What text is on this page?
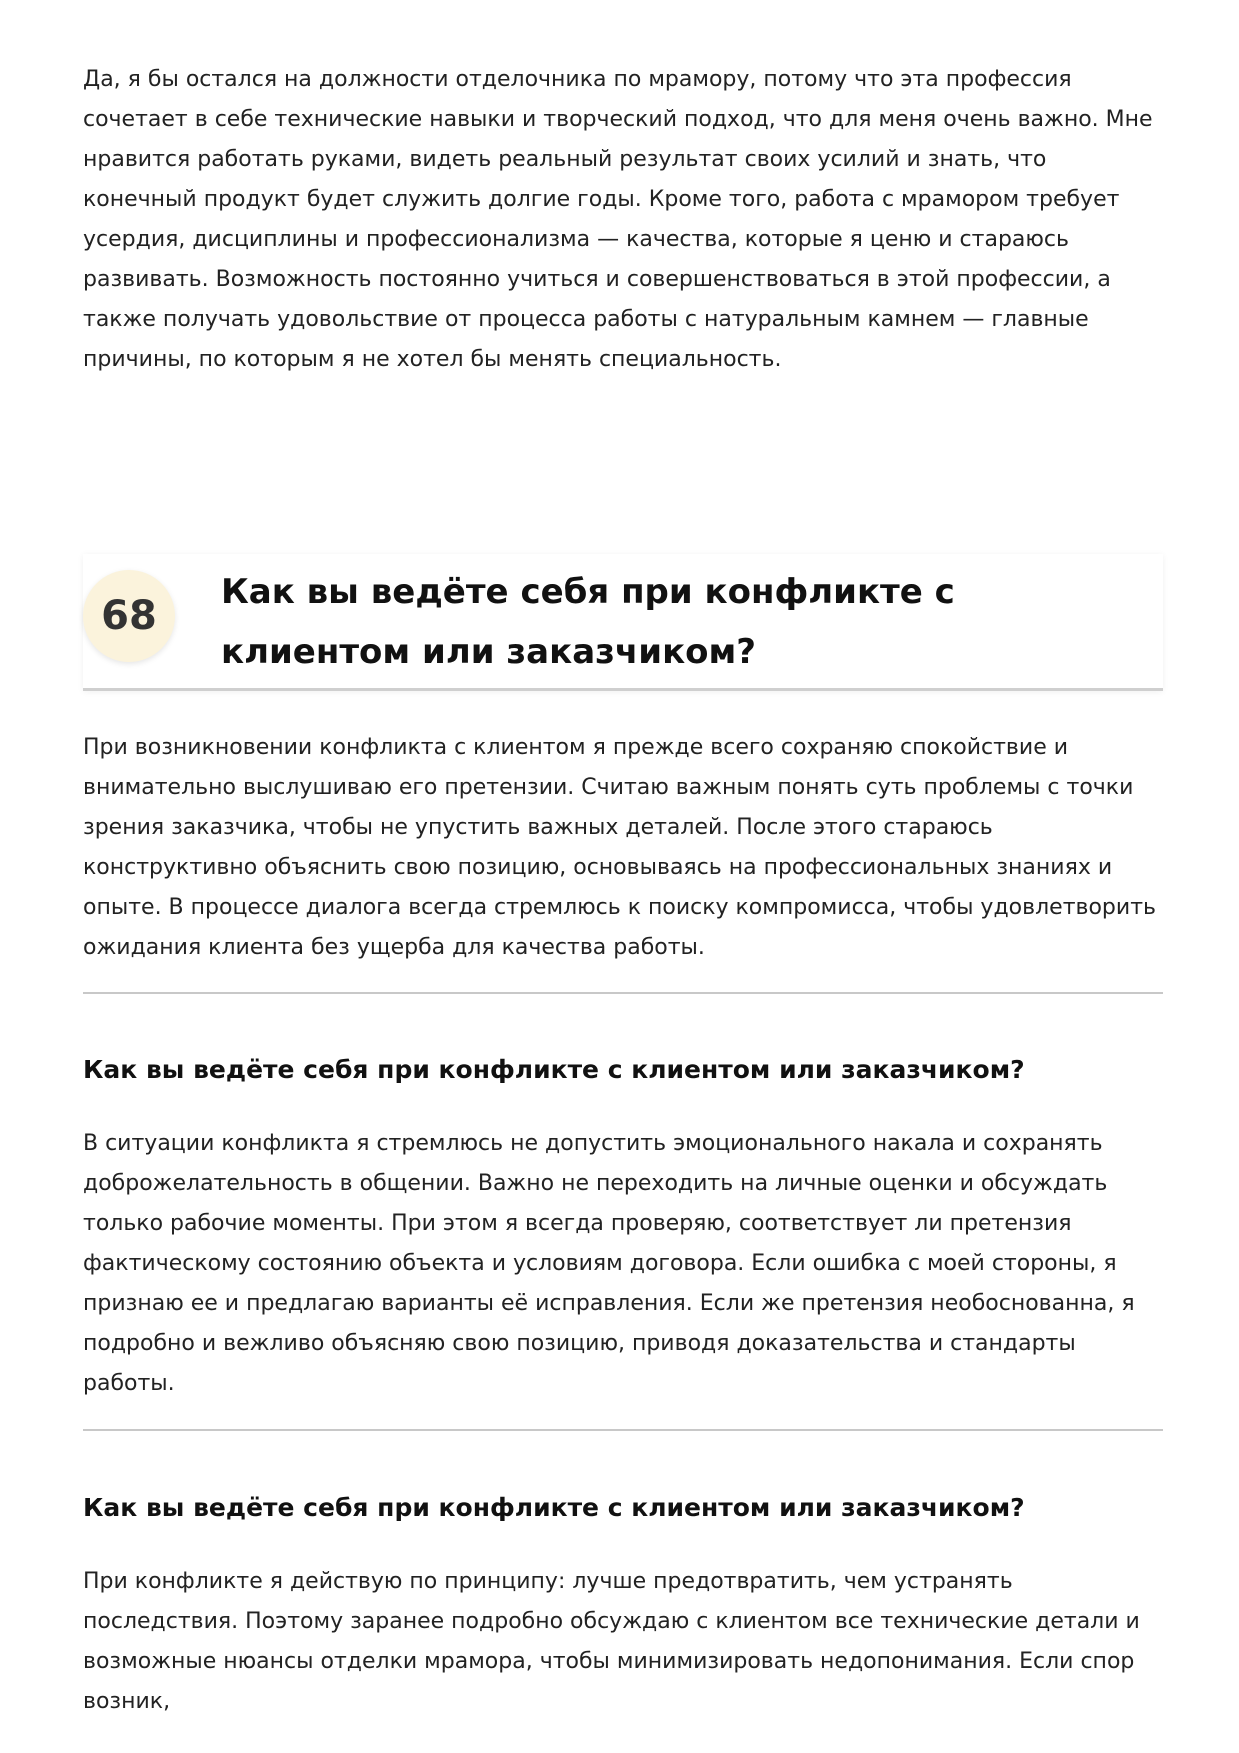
Да, я бы остался на должности отделочника по мрамору, потому что эта профессия сочетает в себе технические навыки и творческий подход, что для меня очень важно. Мне нравится работать руками, видеть реальный результат своих усилий и знать, что конечный продукт будет служить долгие годы. Кроме того, работа с мрамором требует усердия, дисциплины и профессионализма — качества, которые я ценю и стараюсь развивать. Возможность постоянно учиться и совершенствоваться в этой профессии, а также получать удовольствие от процесса работы с натуральным камнем — главные причины, по которым я не хотел бы менять специальность.

68
Как вы ведёте себя при конфликте с клиентом или заказчиком?

При возникновении конфликта с клиентом я прежде всего сохраняю спокойствие и внимательно выслушиваю его претензии. Считаю важным понять суть проблемы с точки зрения заказчика, чтобы не упустить важных деталей. После этого стараюсь конструктивно объяснить свою позицию, основываясь на профессиональных знаниях и опыте. В процессе диалога всегда стремлюсь к поиску компромисса, чтобы удовлетворить ожидания клиента без ущерба для качества работы.

Как вы ведёте себя при конфликте с клиентом или заказчиком?

В ситуации конфликта я стремлюсь не допустить эмоционального накала и сохранять доброжелательность в общении. Важно не переходить на личные оценки и обсуждать только рабочие моменты. При этом я всегда проверяю, соответствует ли претензия фактическому состоянию объекта и условиям договора. Если ошибка с моей стороны, я признаю ее и предлагаю варианты её исправления. Если же претензия необоснованна, я подробно и вежливо объясняю свою позицию, приводя доказательства и стандарты работы.

Как вы ведёте себя при конфликте с клиентом или заказчиком?

При конфликте я действую по принципу: лучше предотвратить, чем устранять последствия. Поэтому заранее подробно обсуждаю с клиентом все технические детали и возможные нюансы отделки мрамора, чтобы минимизировать недопонимания. Если спор возник,
